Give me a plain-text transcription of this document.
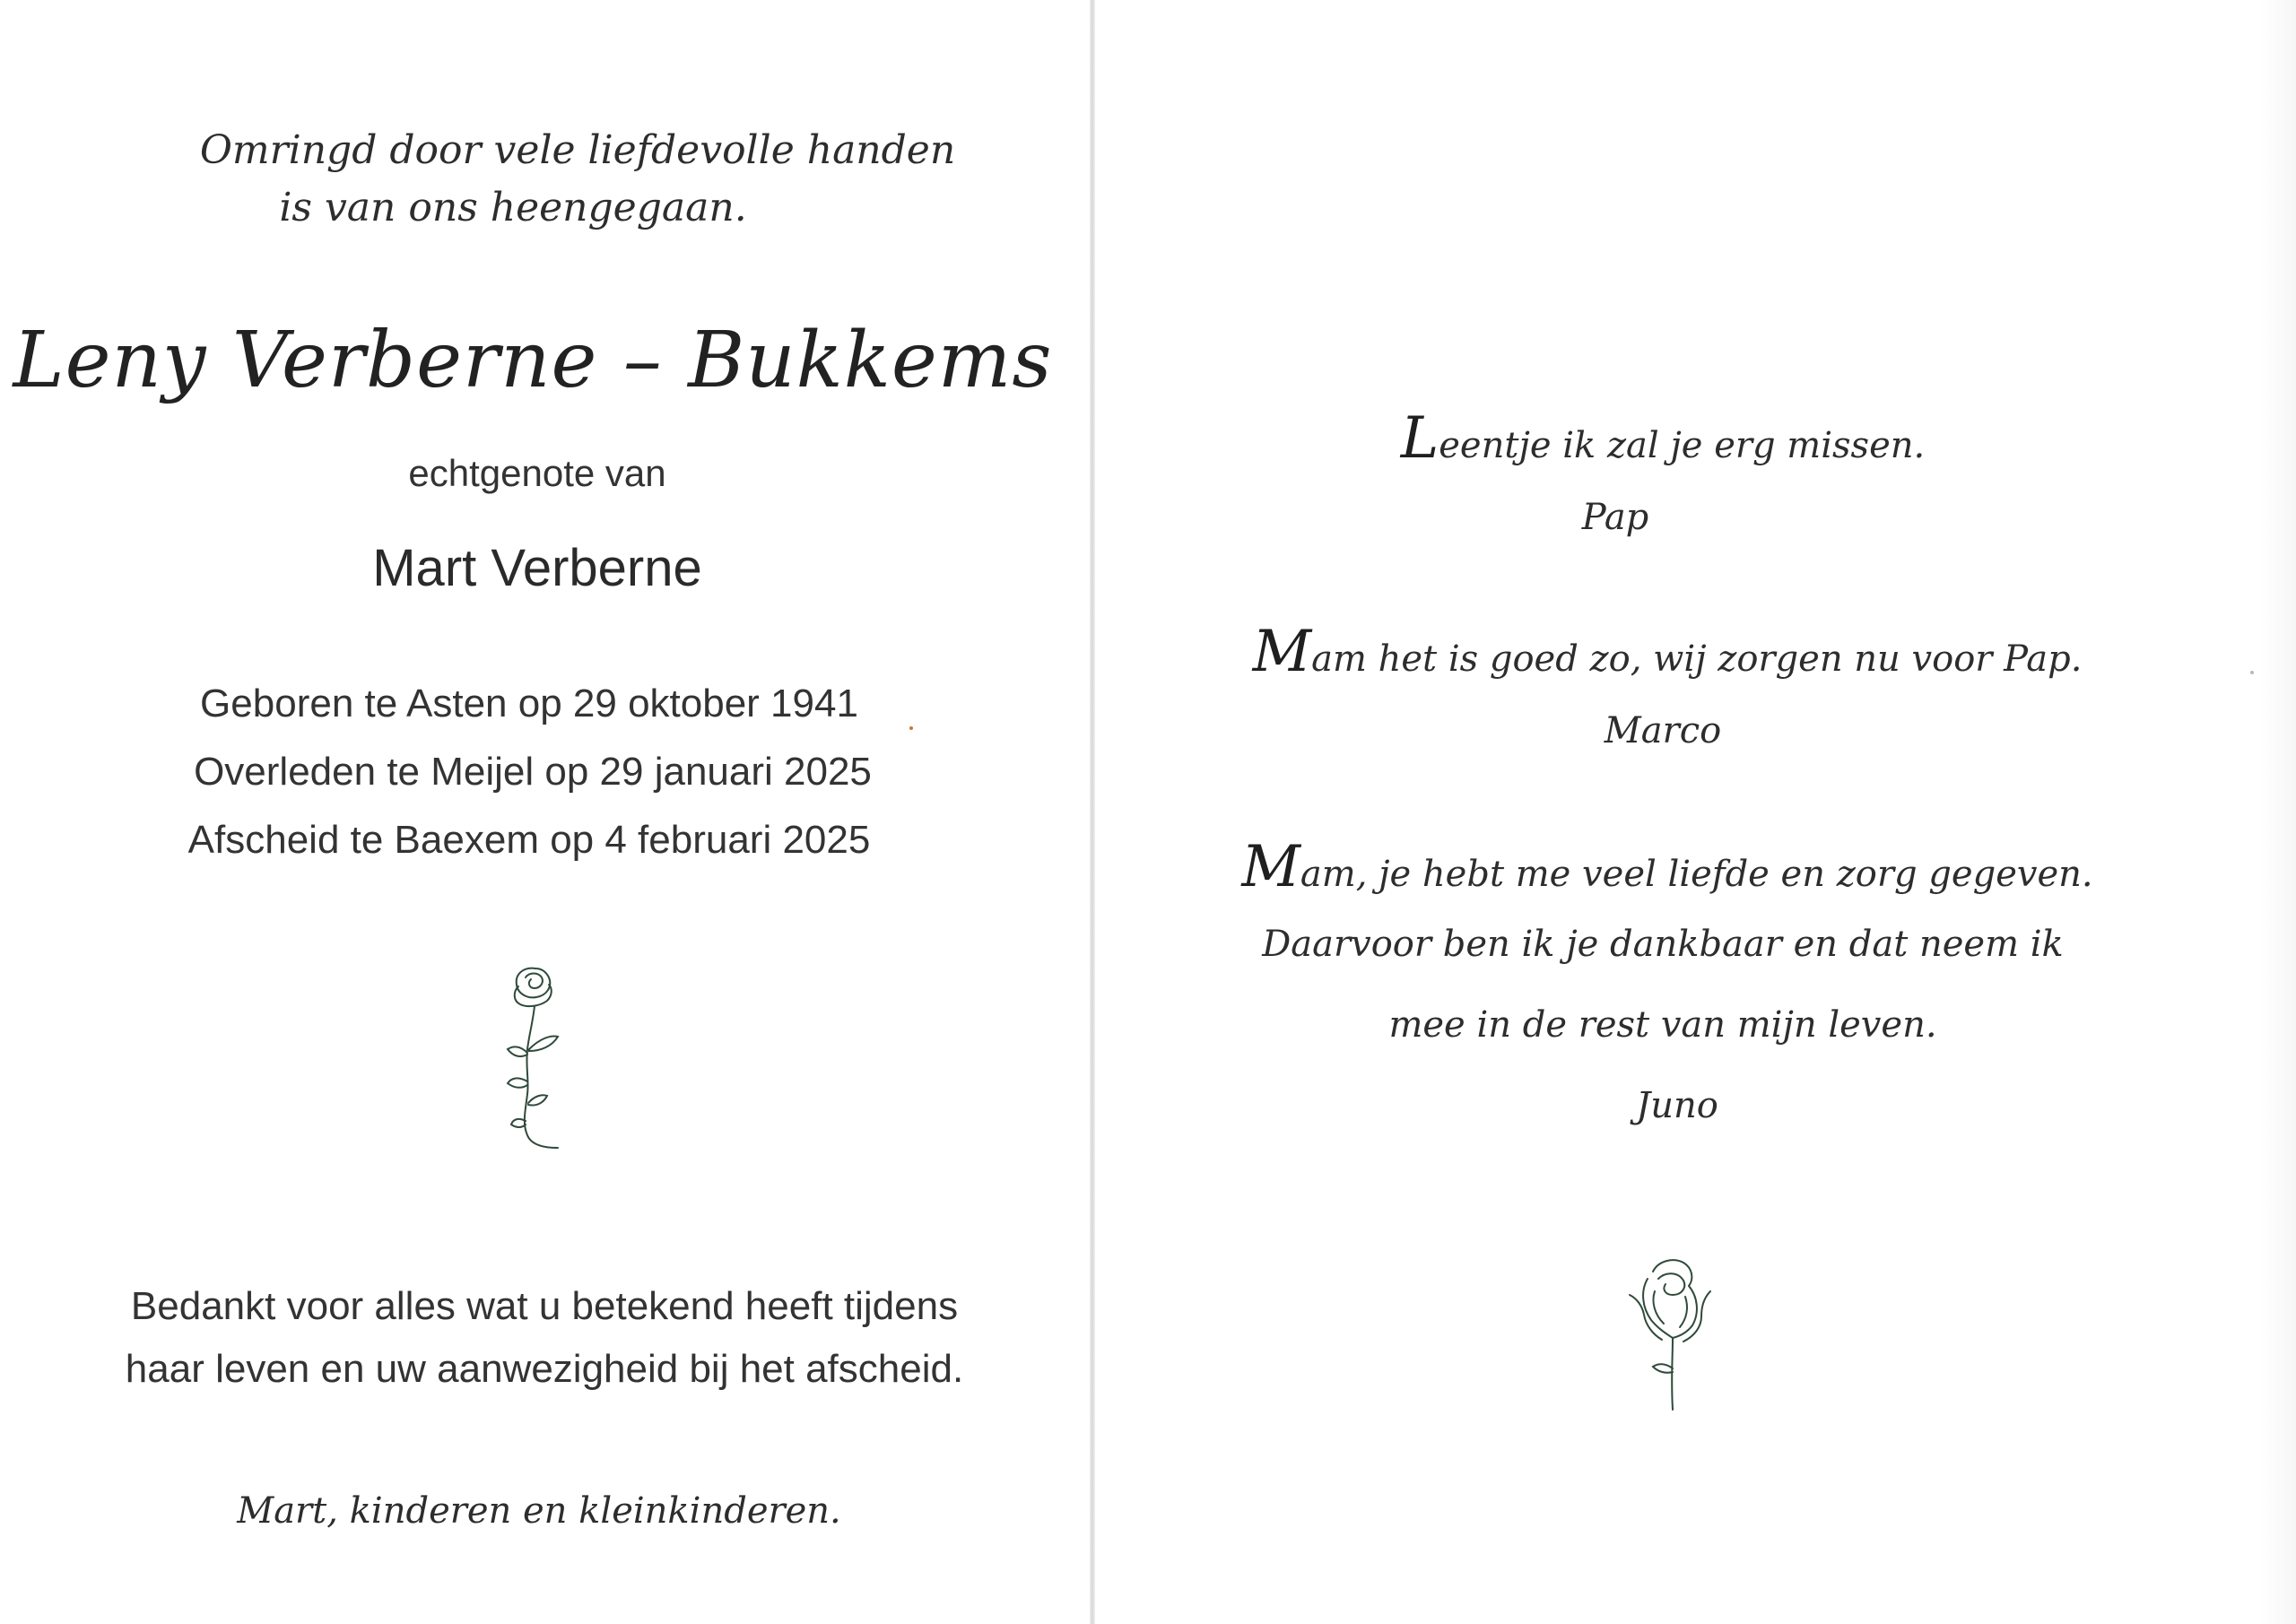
Omringd door vele liefdevolle handen
is van ons heengegaan.
Leny Verberne – Bukkems
echtgenote van
Mart Verberne
Geboren te Asten op 29 oktober 1941
Overleden te Meijel op 29 januari 2025
Afscheid te Baexem op 4 februari 2025
Bedankt voor alles wat u betekend heeft tijdens
haar leven en uw aanwezigheid bij het afscheid.
Mart, kinderen en kleinkinderen.
Leentje ik zal je erg missen.
Pap
Mam het is goed zo, wij zorgen nu voor Pap.
Marco
Mam, je hebt me veel liefde en zorg gegeven.
Daarvoor ben ik je dankbaar en dat neem ik
mee in de rest van mijn leven.
Juno
